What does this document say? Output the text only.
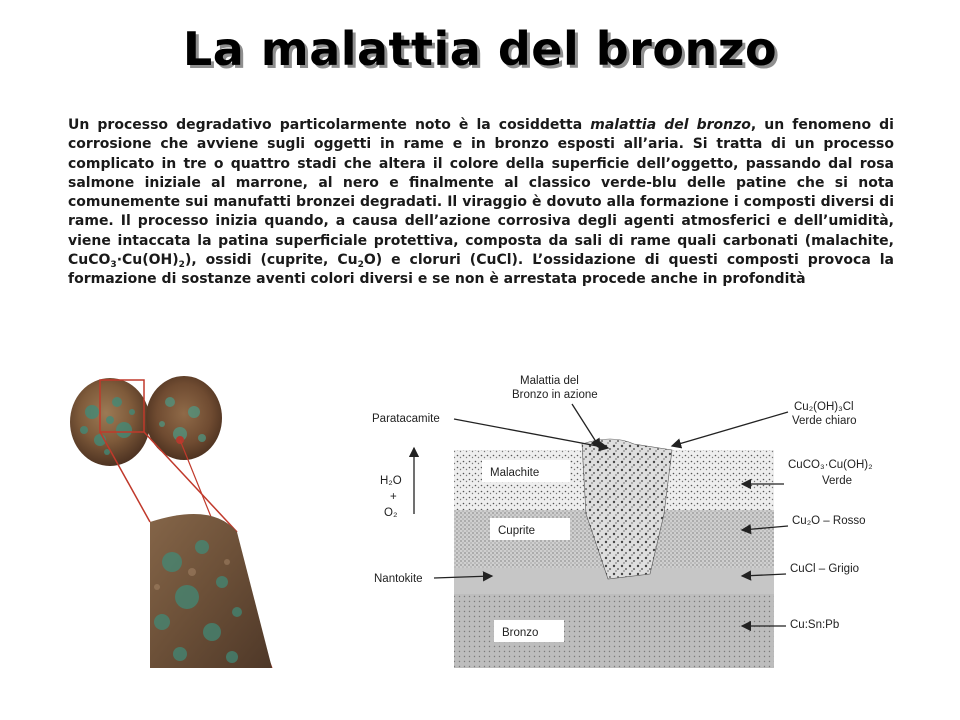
La malattia del bronzo

Un processo degradativo particolarmente noto è la cosiddetta malattia del bronzo, un fenomeno di corrosione che avviene sugli oggetti in rame e in bronzo esposti all’aria. Si tratta di un processo complicato in tre o quattro stadi che altera il colore della superficie dell’oggetto, passando dal rosa salmone iniziale al marrone, al nero e finalmente al classico verde-blu delle patine che si nota comunemente sui manufatti bronzei degradati. Il viraggio è dovuto alla formazione i composti diversi di rame. Il processo inizia quando, a causa dell’azione corrosiva degli agenti atmosferici e dell’umidità, viene intaccata la patina superficiale protettiva, composta da sali di rame quali carbonati (malachite, $CuCO_3\cdot Cu(OH)_2$), ossidi (cuprite, $Cu_2O$) e cloruri (CuCl). L’ossidazione di questi composti provoca la formazione di sostanze aventi colori diversi e se non è arrestata procede anche in profondità

Malachite
Cuprite
Bronzo
Malattia del
Bronzo in azione
Paratacamite
H₂O
+
O₂
Nantokite
Cu₂(OH)₃Cl
Verde chiaro
CuCO₃·Cu(OH)₂
Verde
Cu₂O – Rosso
CuCl – Grigio
Cu:Sn:Pb
